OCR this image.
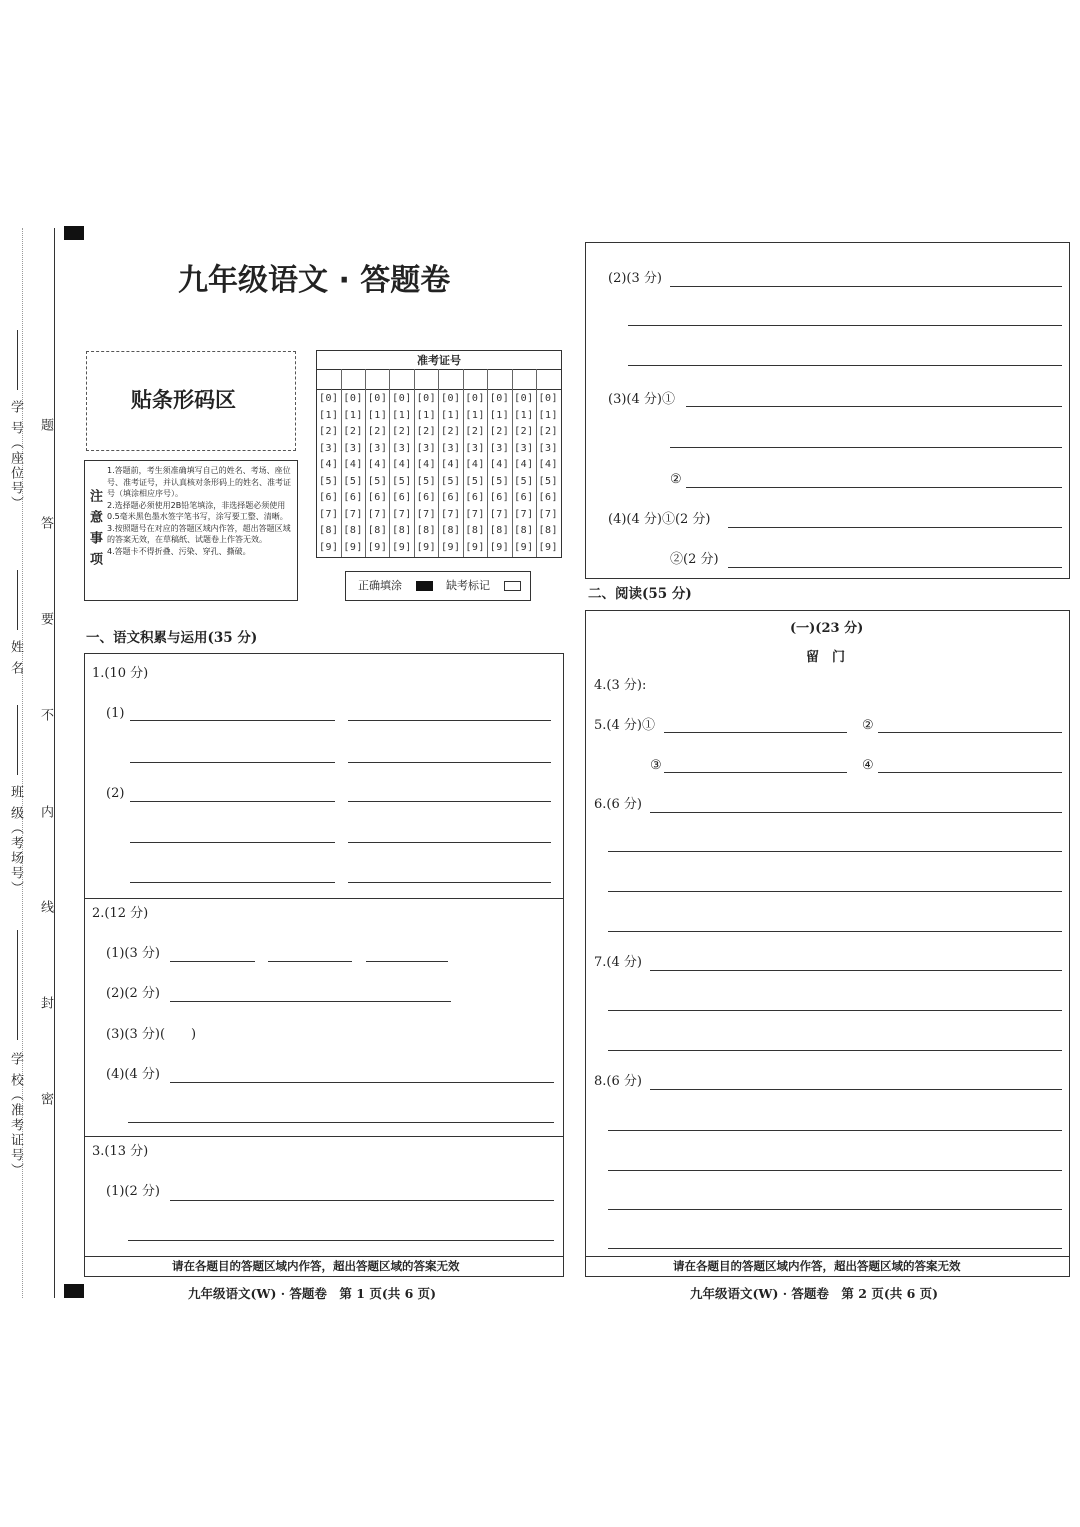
学 号（座位号）
姓 名
班 级（考场号）
学 校（准考证号）
题
答
要
不
内
线
封
密
九年级语文 · 答题卷
贴条形码区
注意事项
1.答题前，考生须准确填写自己的姓名、考场、座位号、准考证号，并认真核对条形码上的姓名、准考证号（填涂相应序号）。
2.选择题必须使用2B铅笔填涂，非选择题必须使用0.5毫米黑色墨水签字笔书写，涂写要工整、清晰。
3.按照题号在对应的答题区域内作答，超出答题区域的答案无效，在草稿纸、试题卷上作答无效。
4.答题卡不得折叠、污染、穿孔、撕破。
准考证号
[0] [0] [0] [0] [0] [0] [0] [0] [0] [0]
[1] [1] [1] [1] [1] [1] [1] [1] [1] [1]
[2] [2] [2] [2] [2] [2] [2] [2] [2] [2]
[3] [3] [3] [3] [3] [3] [3] [3] [3] [3]
[4] [4] [4] [4] [4] [4] [4] [4] [4] [4]
[5] [5] [5] [5] [5] [5] [5] [5] [5] [5]
[6] [6] [6] [6] [6] [6] [6] [6] [6] [6]
[7] [7] [7] [7] [7] [7] [7] [7] [7] [7]
[8] [8] [8] [8] [8] [8] [8] [8] [8] [8]
[9] [9] [9] [9] [9] [9] [9] [9] [9] [9]
正确填涂	缺考标记
一、语文积累与运用(35 分)
1.(10 分)
(1)
(2)
2.(12 分)
(1)(3 分)
(2)(2 分)
(3)(3 分)(　　)
(4)(4 分)
3.(13 分)
(1)(2 分)
请在各题目的答题区域内作答，超出答题区域的答案无效
九年级语文(W) · 答题卷　第 1 页(共 6 页)
(2)(3 分)
(3)(4 分)①
②
(4)(4 分)①(2 分)
②(2 分)
二、阅读(55 分)
(一)(23 分)
留　门
4.(3 分):
5.(4 分)①	②
③	④
6.(6 分)
7.(4 分)
8.(6 分)
请在各题目的答题区域内作答，超出答题区域的答案无效
九年级语文(W) · 答题卷　第 2 页(共 6 页)
